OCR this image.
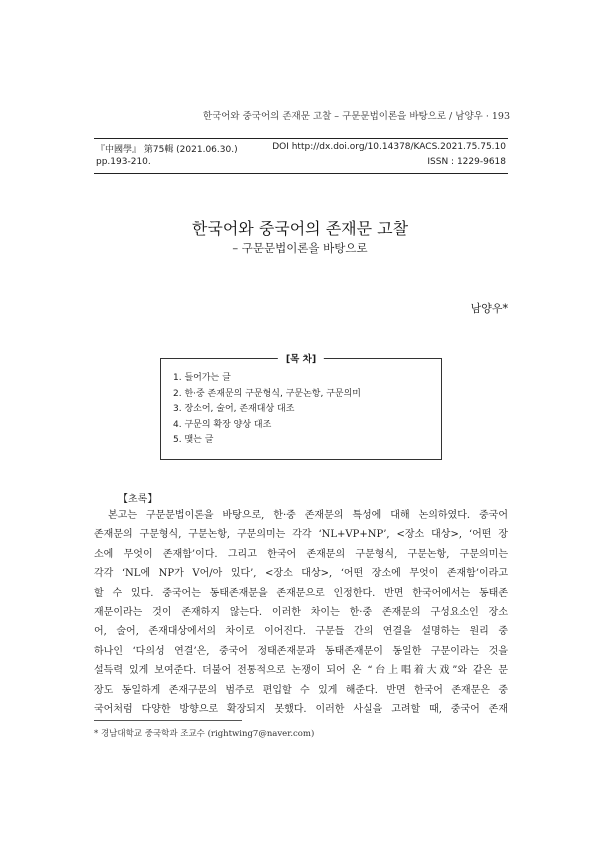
한국어와 중국어의 존재문 고찰 – 구문문법이론을 바탕으로 / 남양우 · 193
『中國學』 第75輯 (2021.06.30.)	DOI http://dx.doi.org/10.14378/KACS.2021.75.75.10
pp.193-210.	ISSN : 1229-9618
한국어와 중국어의 존재문 고찰
– 구문문법이론을 바탕으로
남양우*
[목 차]
1. 들어가는 글
2. 한·중 존재문의 구문형식, 구문논항, 구문의미
3. 장소어, 술어, 존재대상 대조
4. 구문의 확장 양상 대조
5. 맺는 글
【초록】
본고는 구문문법이론을 바탕으로, 한·중 존재문의 특성에 대해 논의하였다. 중국어
존재문의 구문형식, 구문논항, 구문의미는 각각 ‘NL+VP+NP’, <장소 대상>, ‘어떤 장
소에 무엇이 존재함’이다. 그리고 한국어 존재문의 구문형식, 구문논항, 구문의미는
각각 ‘NL에 NP가 V어/아 있다’, <장소 대상>, ‘어떤 장소에 무엇이 존재함’이라고
할 수 있다. 중국어는 동태존재문을 존재문으로 인정한다. 반면 한국어에서는 동태존
재문이라는 것이 존재하지 않는다. 이러한 차이는 한·중 존재문의 구성요소인 장소
어, 술어, 존재대상에서의 차이로 이어진다. 구문들 간의 연결을 설명하는 원리 중
하나인 ‘다의성 연결’은, 중국어 정태존재문과 동태존재문이 동일한 구문이라는 것을
설득력 있게 보여준다. 더불어 전통적으로 논쟁이 되어 온 “台上唱着大戏”와 같은 문
장도 동일하게 존재구문의 범주로 편입할 수 있게 해준다. 반면 한국어 존재문은 중
국어처럼 다양한 방향으로 확장되지 못했다. 이러한 사실을 고려할 때, 중국어 존재
* 경남대학교 중국학과 조교수 (rightwing7@naver.com)
